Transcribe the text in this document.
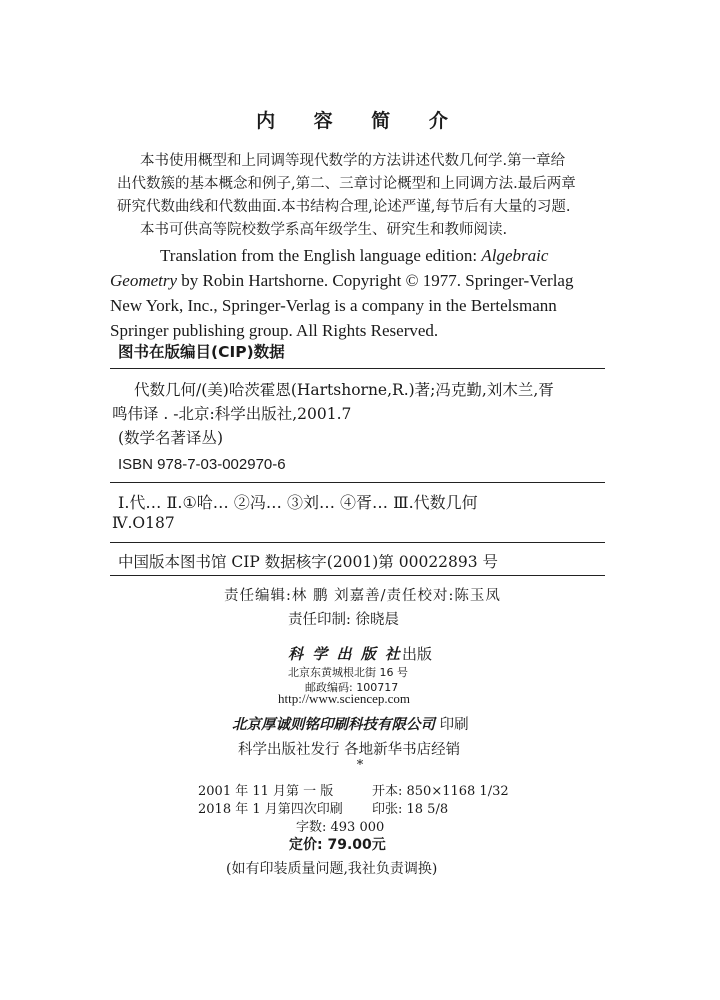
内 容 简 介
本书使用概型和上同调等现代数学的方法讲述代数几何学.第一章给
出代数簇的基本概念和例子,第二、三章讨论概型和上同调方法.最后两章
研究代数曲线和代数曲面.本书结构合理,论述严谨,每节后有大量的习题.
本书可供高等院校数学系高年级学生、研究生和教师阅读.
Translation from the English language edition: Algebraic
Geometry by Robin Hartshorne. Copyright © 1977. Springer-Verlag
New York, Inc., Springer-Verlag is a company in the Bertelsmann
Springer publishing group. All Rights Reserved.
图书在版编目(CIP)数据
代数几何/(美)哈茨霍恩(Hartshorne,R.)著;冯克勤,刘木兰,胥
鸣伟译 . -北京:科学出版社,2001.7
(数学名著译丛)
ISBN 978-7-03-002970-6
Ⅰ.代… Ⅱ.①哈… ②冯… ③刘… ④胥… Ⅲ.代数几何
Ⅳ.O187
中国版本图书馆 CIP 数据核字(2001)第 00022893 号
责任编辑:林 鹏 刘嘉善/责任校对:陈玉凤
责任印制: 徐晓晨
科 学 出 版 社出版
北京东黄城根北街 16 号
邮政编码: 100717
http://www.sciencep.com
北京厚诚则铭印刷科技有限公司 印刷
科学出版社发行 各地新华书店经销
*
2001 年 11 月第 一 版	开本: 850×1168 1/32
2018 年 1 月第四次印刷 印张: 18 5/8
字数: 493 000
定价: 79.00元
(如有印装质量问题,我社负责调换)
